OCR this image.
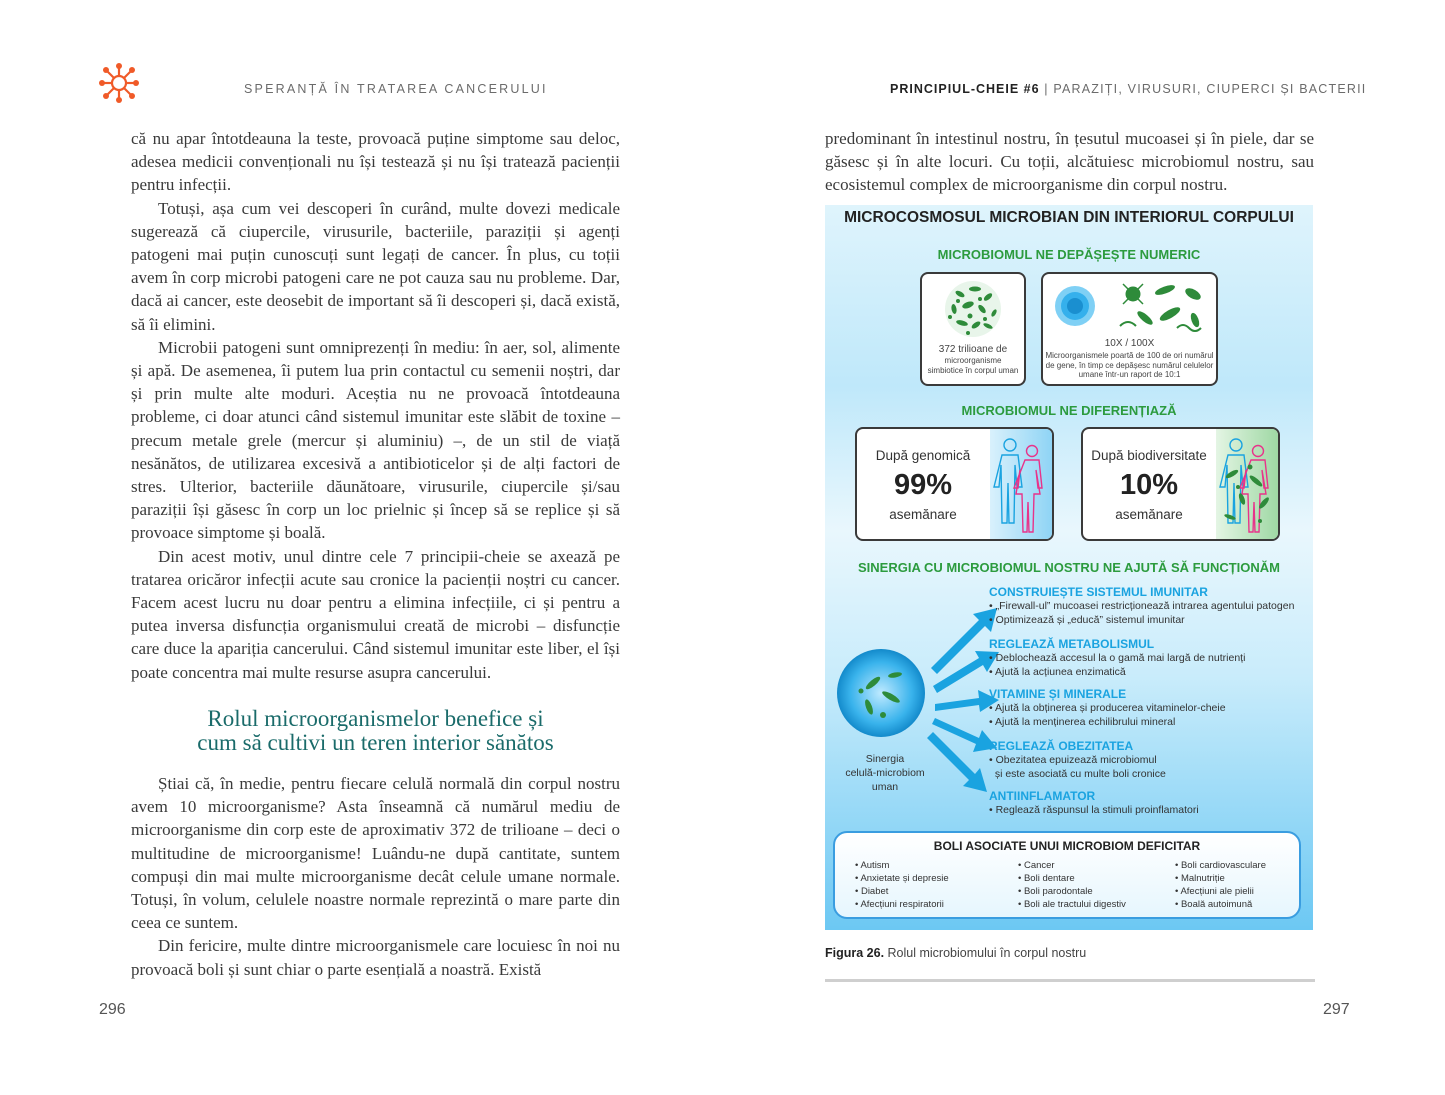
SPERANȚĂ ÎN TRATAREA CANCERULUI

că nu apar întotdeauna la teste, provoacă puține simptome sau deloc, adesea medicii convenționali nu își testează și nu își tratează pacienții pentru infecții.

Totuși, așa cum vei descoperi în curând, multe dovezi medicale sugerează că ciupercile, virusurile, bacteriile, paraziții și agenți patogeni mai puțin cunoscuți sunt legați de cancer. În plus, cu toții avem în corp microbi patogeni care ne pot cauza sau nu probleme. Dar, dacă ai cancer, este deosebit de important să îi descoperi și, dacă există, să îi elimini.

Microbii patogeni sunt omniprezenți în mediu: în aer, sol, alimente și apă. De asemenea, îi putem lua prin contactul cu semenii noștri, dar și prin multe alte moduri. Aceștia nu ne provoacă întotdeauna probleme, ci doar atunci când sistemul imunitar este slăbit de toxine – precum metale grele (mercur și aluminiu) –, de un stil de viață nesănătos, de utilizarea excesivă a antibioticelor și de alți factori de stres. Ulterior, bacteriile dăunătoare, virusurile, ciupercile și/sau paraziții își găsesc în corp un loc prielnic și încep să se replice și să provoace simptome și boală.

Din acest motiv, unul dintre cele 7 principii-cheie se axează pe tratarea oricăror infecții acute sau cronice la pacienții noștri cu cancer. Facem acest lucru nu doar pentru a elimina infecțiile, ci și pentru a putea inversa disfuncția organismului creată de microbi – disfuncție care duce la apariția cancerului. Când sistemul imunitar este liber, el își poate concentra mai multe resurse asupra cancerului.

Rolul microorganismelor benefice și
cum să cultivi un teren interior sănătos

Știai că, în medie, pentru fiecare celulă normală din corpul nostru avem 10 microorganisme? Asta înseamnă că numărul mediu de microorganisme din corp este de aproximativ 372 de trilioane – deci o multitudine de microorganisme! Luându-ne după cantitate, suntem compuși din mai multe microorganisme decât celule umane normale. Totuși, în volum, celulele noastre normale reprezintă o mare parte din ceea ce suntem.

Din fericire, multe dintre microorganismele care locuiesc în noi nu provoacă boli și sunt chiar o parte esențială a noastră. Există

296
PRINCIPIUL-CHEIE #6 | PARAZIȚI, VIRUSURI, CIUPERCI ȘI BACTERII

predominant în intestinul nostru, în țesutul mucoasei și în piele, dar se găsesc și în alte locuri. Cu toții, alcătuiesc microbiomul nostru, sau ecosistemul complex de microorganisme din corpul nostru.

MICROCOSMOSUL MICROBIAN DIN INTERIORUL CORPULUI
MICROBIOMUL NE DEPĂȘEȘTE NUMERIC
372 trilioane de
microorganisme
simbiotice în corpul uman
10X / 100X
Microorganismele poartă de 100 de ori numărul
de gene, în timp ce depășesc numărul celulelor
umane într-un raport de 10:1
MICROBIOMUL NE DIFERENȚIAZĂ
După genomică
99%
asemănare
După biodiversitate
10%
asemănare
SINERGIA CU MICROBIOMUL NOSTRU NE AJUTĂ SĂ FUNCȚIONĂM
Sinergia
celulă-microbiom
uman
CONSTRUIEȘTE SISTEMUL IMUNITAR
• „Firewall-ul” mucoasei restricționează intrarea agentului patogen
• Optimizează și „educă” sistemul imunitar
REGLEAZĂ METABOLISMUL
• Deblochează accesul la o gamă mai largă de nutrienți
• Ajută la acțiunea enzimatică
VITAMINE ȘI MINERALE
• Ajută la obținerea și producerea vitaminelor-cheie
• Ajută la menținerea echilibrului mineral
REGLEAZĂ OBEZITATEA
• Obezitatea epuizează microbiomul
și este asociată cu multe boli cronice
ANTIINFLAMATOR
• Reglează răspunsul la stimuli proinflamatori
BOLI ASOCIATE UNUI MICROBIOM DEFICITAR
• Autism
• Anxietate și depresie
• Diabet
• Afecțiuni respiratorii
• Cancer
• Boli dentare
• Boli parodontale
• Boli ale tractului digestiv
• Boli cardiovasculare
• Malnutriție
• Afecțiuni ale pielii
• Boală autoimună
Figura 26. Rolul microbiomului în corpul nostru
297
